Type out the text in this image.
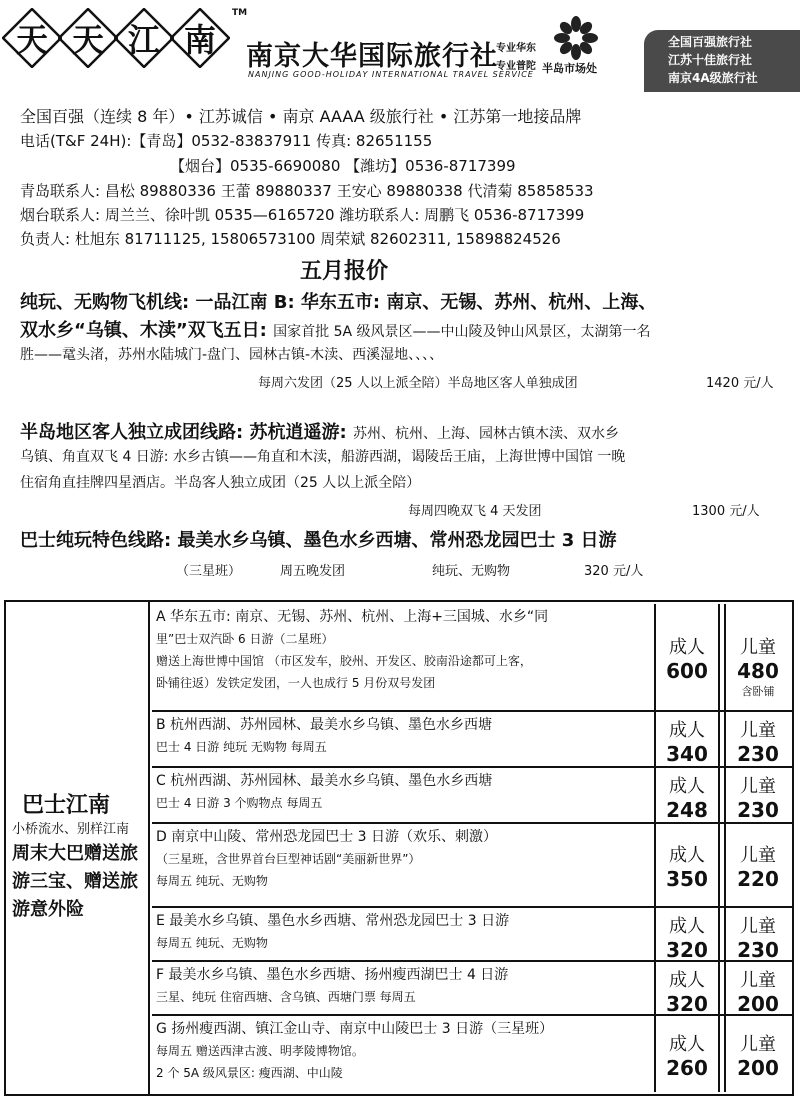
天 天 江 南
TM
南京大华国际旅行社
NANJING GOOD-HOLIDAY INTERNATIONAL TRAVEL SERVICE
专业华东
专业普陀 半岛市场处
全国百强旅行社
江苏十佳旅行社
南京4A级旅行社
全国百强（连续 8 年）• 江苏诚信 • 南京 AAAA 级旅行社 • 江苏第一地接品牌
电话(T&F 24H):【青岛】0532-83837911 传真: 82651155
【烟台】0535-6690080 【潍坊】0536-8717399
青岛联系人: 昌松 89880336 王蕾 89880337 王安心 89880338 代清菊 85858533
烟台联系人: 周兰兰、徐叶凯 0535—6165720 潍坊联系人: 周鹏飞 0536-8717399
负责人: 杜旭东 81711125, 15806573100 周荣斌 82602311, 15898824526
五月报价
纯玩、无购物飞机线: 一品江南 B: 华东五市: 南京、无锡、苏州、杭州、上海、
双水乡“乌镇、木渎”双飞五日: 国家首批 5A 级风景区——中山陵及钟山风景区，太湖第一名
胜——鼋头渚，苏州水陆城门-盘门、园林古镇-木渎、西溪湿地、、、、
每周六发团（25 人以上派全陪）半岛地区客人单独成团	1420 元/人
半岛地区客人独立成团线路: 苏杭逍遥游: 苏州、杭州、上海、园林古镇木渎、双水乡
乌镇、角直双飞 4 日游: 水乡古镇——角直和木渎，船游西湖，谒陵岳王庙，上海世博中国馆 一晚
住宿角直挂牌四星酒店。半岛客人独立成团（25 人以上派全陪）
每周四晚双飞 4 天发团	1300 元/人
巴士纯玩特色线路: 最美水乡乌镇、墨色水乡西塘、常州恐龙园巴士 3 日游
（三星班）	周五晚发团	纯玩、无购物	320 元/人
巴士江南
小桥流水、别样江南
周末大巴赠送旅游三宝、赠送旅游意外险
A 华东五市: 南京、无锡、苏州、杭州、上海+三国城、水乡“同
里”巴士双汽卧 6 日游（二星班）
赠送上海世博中国馆 （市区发车，胶州、开发区、胶南沿途都可上客，
卧铺往返）发铁定发团，一人也成行 5 月份双号发团
成人
600
儿童
480
含卧铺
B 杭州西湖、苏州园林、最美水乡乌镇、墨色水乡西塘
巴士 4 日游 纯玩 无购物 每周五
成人
340
儿童
230
C 杭州西湖、苏州园林、最美水乡乌镇、墨色水乡西塘
巴士 4 日游 3 个购物点 每周五
成人
248
儿童
230
D 南京中山陵、常州恐龙园巴士 3 日游（欢乐、刺激）
（三星班，含世界首台巨型神话剧“美丽新世界”）
每周五 纯玩、无购物
成人
350
儿童
220
E 最美水乡乌镇、墨色水乡西塘、常州恐龙园巴士 3 日游
每周五 纯玩、无购物
成人
320
儿童
230
F 最美水乡乌镇、墨色水乡西塘、扬州瘦西湖巴士 4 日游
三星、纯玩 住宿西塘、含乌镇、西塘门票 每周五
成人
320
儿童
200
G 扬州瘦西湖、镇江金山寺、南京中山陵巴士 3 日游（三星班）
每周五 赠送西津古渡、明孝陵博物馆。
2 个 5A 级风景区: 瘦西湖、中山陵
成人
260
儿童
200
